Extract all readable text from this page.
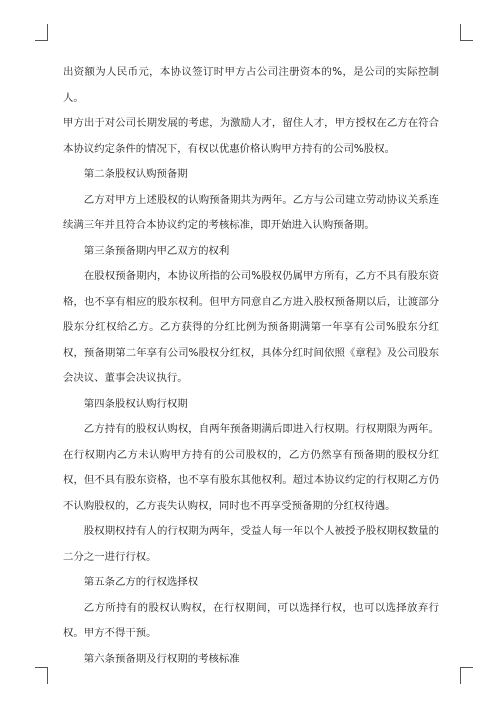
出资额为人民币元，本协议签订时甲方占公司注册资本的%，是公司的实际控制人。
甲方出于对公司长期发展的考虑，为激励人才，留住人才，甲方授权在乙方在符合本协议约定条件的情况下，有权以优惠价格认购甲方持有的公司%股权。
第二条股权认购预备期
乙方对甲方上述股权的认购预备期共为两年。乙方与公司建立劳动协议关系连续满三年并且符合本协议约定的考核标准，即开始进入认购预备期。
第三条预备期内甲乙双方的权利
在股权预备期内，本协议所指的公司%股权仍属甲方所有，乙方不具有股东资格，也不享有相应的股东权利。但甲方同意自乙方进入股权预备期以后，让渡部分股东分红权给乙方。乙方获得的分红比例为预备期满第一年享有公司%股东分红权，预备期第二年享有公司%股权分红权，具体分红时间依照《章程》及公司股东会决议、董事会决议执行。
第四条股权认购行权期
乙方持有的股权认购权，自两年预备期满后即进入行权期。行权期限为两年。在行权期内乙方未认购甲方持有的公司股权的，乙方仍然享有预备期的股权分红权，但不具有股东资格，也不享有股东其他权利。超过本协议约定的行权期乙方仍不认购股权的，乙方丧失认购权，同时也不再享受预备期的分红权待遇。
股权期权持有人的行权期为两年，受益人每一年以个人被授予股权期权数量的二分之一进行行权。
第五条乙方的行权选择权
乙方所持有的股权认购权，在行权期间，可以选择行权，也可以选择放弃行权。甲方不得干预。
第六条预备期及行权期的考核标准
